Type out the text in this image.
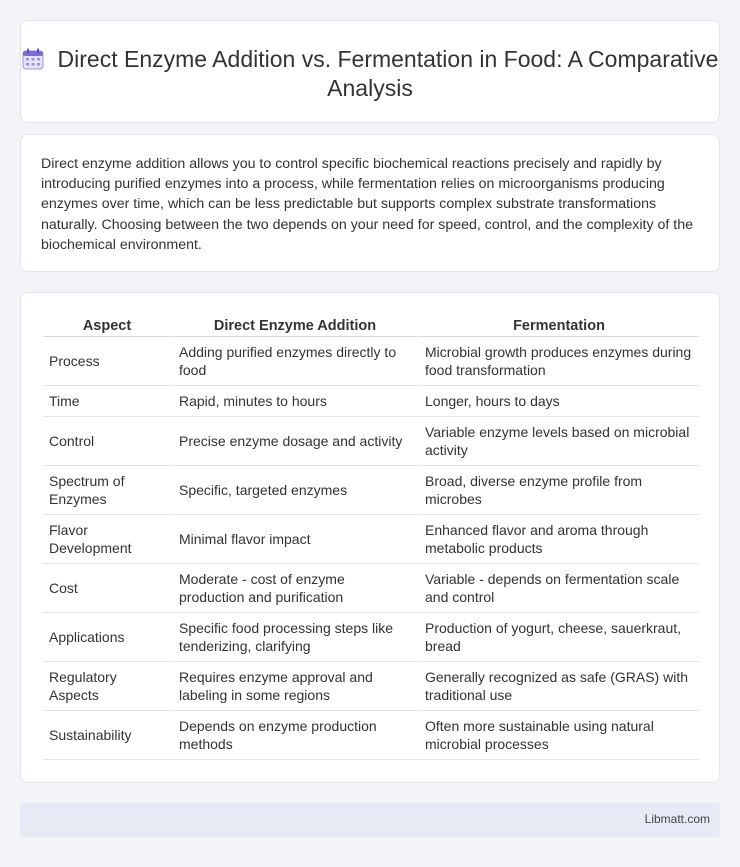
Direct Enzyme Addition vs. Fermentation in Food: A Comparative Analysis

Direct enzyme addition allows you to control specific biochemical reactions precisely and rapidly by introducing purified enzymes into a process, while fermentation relies on microorganisms producing enzymes over time, which can be less predictable but supports complex substrate transformations naturally. Choosing between the two depends on your need for speed, control, and the complexity of the biochemical environment.

Aspect	Direct Enzyme Addition	Fermentation
Process	Adding purified enzymes directly to food	Microbial growth produces enzymes during food transformation
Time	Rapid, minutes to hours	Longer, hours to days
Control	Precise enzyme dosage and activity	Variable enzyme levels based on microbial activity
Spectrum of Enzymes	Specific, targeted enzymes	Broad, diverse enzyme profile from microbes
Flavor Development	Minimal flavor impact	Enhanced flavor and aroma through metabolic products
Cost	Moderate - cost of enzyme production and purification	Variable - depends on fermentation scale and control
Applications	Specific food processing steps like tenderizing, clarifying	Production of yogurt, cheese, sauerkraut, bread
Regulatory Aspects	Requires enzyme approval and labeling in some regions	Generally recognized as safe (GRAS) with traditional use
Sustainability	Depends on enzyme production methods	Often more sustainable using natural microbial processes
Libmatt.com
